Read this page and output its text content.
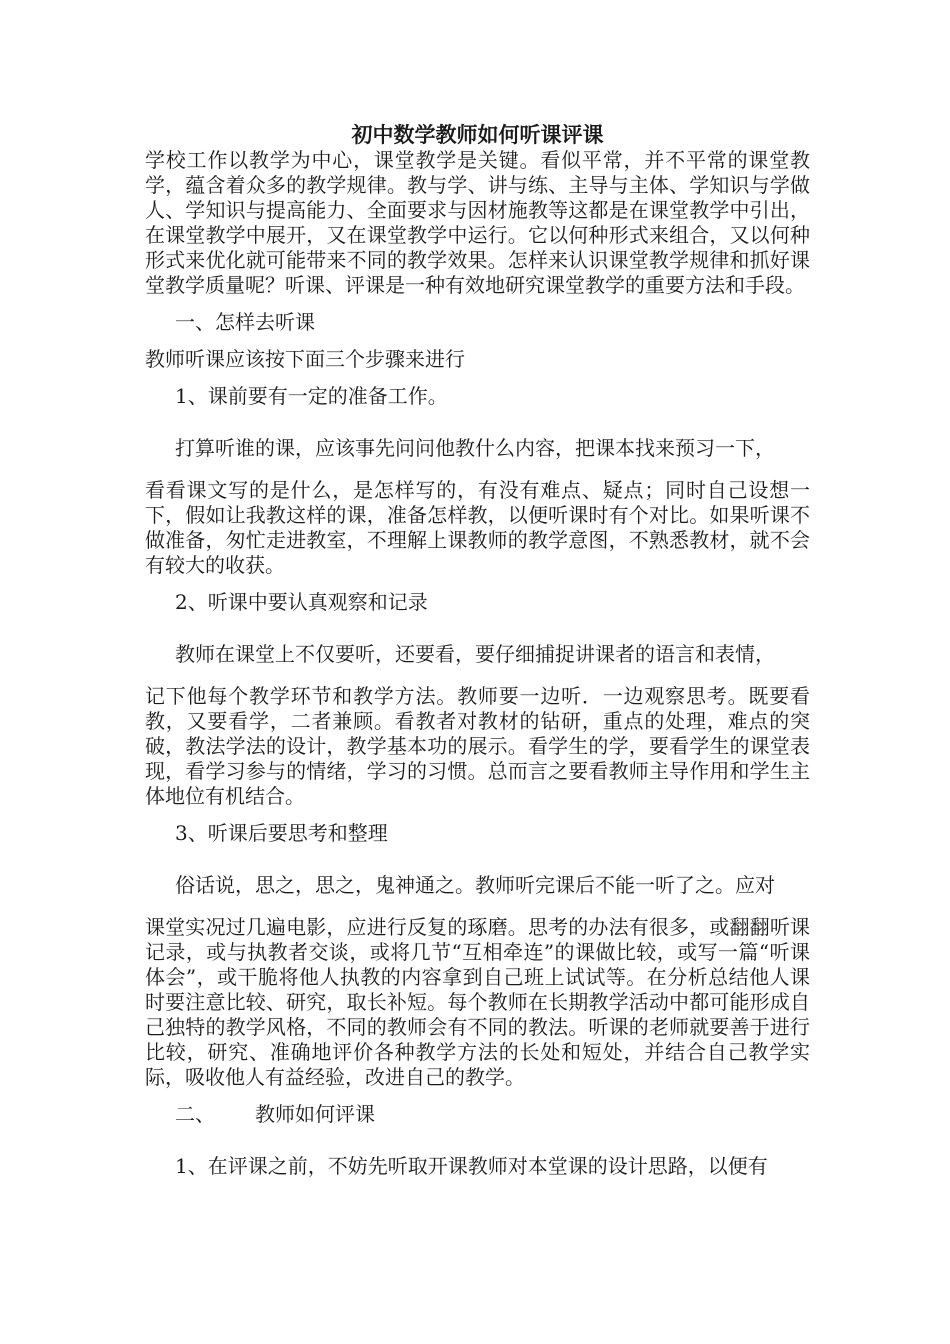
初中数学教师如何听课评课

学校工作以教学为中心，课堂教学是关键。看似平常，并不平常的课堂教学，蕴含着众多的教学规律。教与学、讲与练、主导与主体、学知识与学做人、学知识与提高能力、全面要求与因材施教等这都是在课堂教学中引出，在课堂教学中展开，又在课堂教学中运行。它以何种形式来组合，又以何种形式来优化就可能带来不同的教学效果。怎样来认识课堂教学规律和抓好课堂教学质量呢？听课、评课是一种有效地研究课堂教学的重要方法和手段。

一、怎样去听课

教师听课应该按下面三个步骤来进行

1、课前要有一定的准备工作。

打算听谁的课，应该事先问问他教什么内容，把课本找来预习一下，

看看课文写的是什么，是怎样写的，有没有难点、疑点；同时自己设想一下，假如让我教这样的课，准备怎样教，以便听课时有个对比。如果听课不做准备，匆忙走进教室，不理解上课教师的教学意图，不熟悉教材，就不会有较大的收获。

2、听课中要认真观察和记录

教师在课堂上不仅要听，还要看，要仔细捕捉讲课者的语言和表情，

记下他每个教学环节和教学方法。教师要一边听．一边观察思考。既要看教，又要看学，二者兼顾。看教者对教材的钻研，重点的处理，难点的突破，教法学法的设计，教学基本功的展示。看学生的学，要看学生的课堂表现，看学习参与的情绪，学习的习惯。总而言之要看教师主导作用和学生主体地位有机结合。

3、听课后要思考和整理

俗话说，思之，思之，鬼神通之。教师听完课后不能一听了之。应对

课堂实况过几遍电影，应进行反复的琢磨。思考的办法有很多，或翻翻听课记录，或与执教者交谈，或将几节“互相牵连”的课做比较，或写一篇“听课体会”，或干脆将他人执教的内容拿到自己班上试试等。在分析总结他人课时要注意比较、研究，取长补短。每个教师在长期教学活动中都可能形成自己独特的教学风格，不同的教师会有不同的教法。听课的老师就要善于进行比较，研究、准确地评价各种教学方法的长处和短处，并结合自己教学实际，吸收他人有益经验，改进自己的教学。

二、 教师如何评课

1、在评课之前，不妨先听取开课教师对本堂课的设计思路，以便有
